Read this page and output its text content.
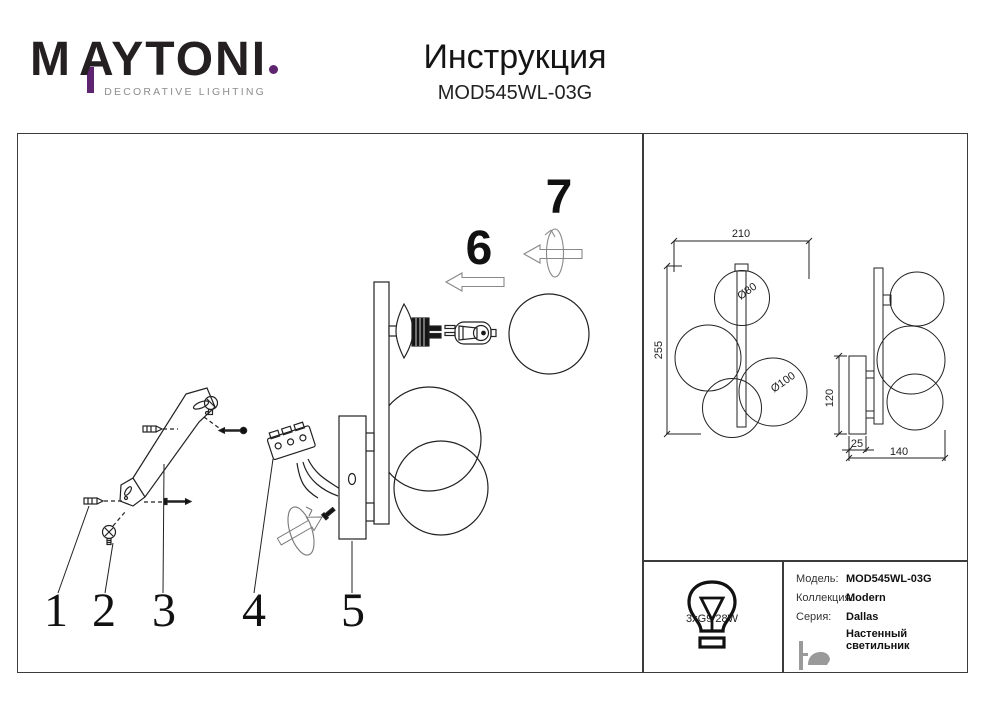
M AYTONI
DECORATIVE LIGHTING
Инструкция
MOD545WL-03G
1 2 3 4 5
6
7
210
255
Ø80
Ø100
120
25
140
3xG9 28W
Модель: MOD545WL-03G
Коллекция:
Modern
Серия:	Dallas
Настенный светильник
